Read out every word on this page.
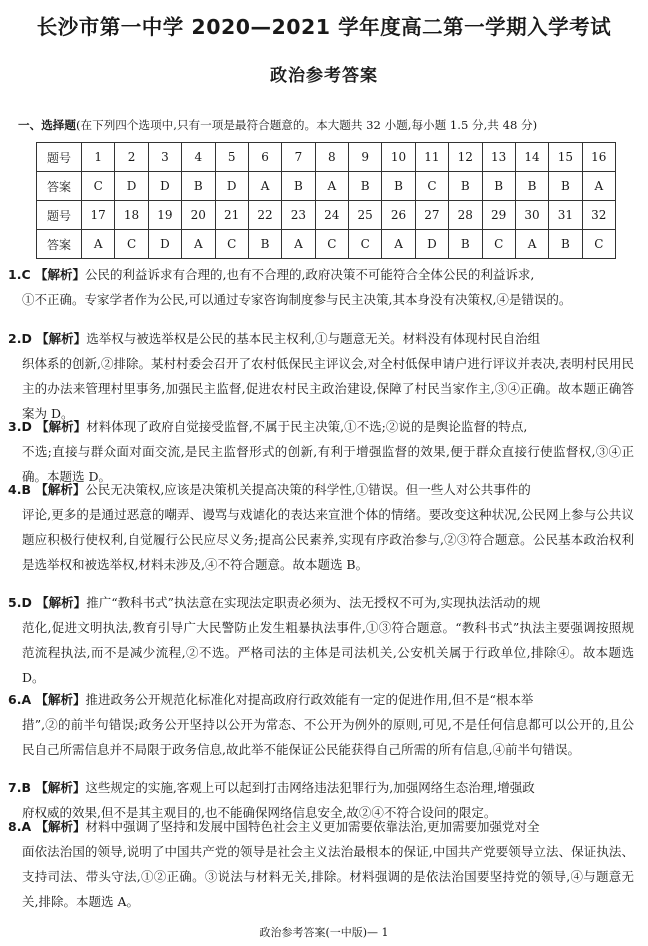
长沙市第一中学 2020—2021 学年度高二第一学期入学考试
政治参考答案
一、选择题(在下列四个选项中,只有一项是最符合题意的。本大题共 32 小题,每小题 1.5 分,共 48 分)
题号	1	2	3	4	5	6	7	8	9	10	11	12	13	14	15	16
答案	C	D	D	B	D	A	B	A	B	B	C	B	B	B	B	A
题号	17	18	19	20	21	22	23	24	25	26	27	28	29	30	31	32
答案	A	C	D	A	C	B	A	C	C	A	D	B	C	A	B	C
1.C 【解析】公民的利益诉求有合理的,也有不合理的,政府决策不可能符合全体公民的利益诉求,
①不正确。专家学者作为公民,可以通过专家咨询制度参与民主决策,其本身没有决策权,④是错误的。
2.D 【解析】选举权与被选举权是公民的基本民主权利,①与题意无关。材料没有体现村民自治组
织体系的创新,②排除。某村村委会召开了农村低保民主评议会,对全村低保申请户进行评议并表决,表明村民用民主的办法来管理村里事务,加强民主监督,促进农村民主政治建设,保障了村民当家作主,③④正确。故本题正确答案为 D。
3.D 【解析】材料体现了政府自觉接受监督,不属于民主决策,①不选;②说的是舆论监督的特点,
不选;直接与群众面对面交流,是民主监督形式的创新,有利于增强监督的效果,便于群众直接行使监督权,③④正确。本题选 D。
4.B 【解析】公民无决策权,应该是决策机关提高决策的科学性,①错误。但一些人对公共事件的
评论,更多的是通过恶意的嘲弄、谩骂与戏谑化的表达来宣泄个体的情绪。要改变这种状况,公民网上参与公共议题应积极行使权利,自觉履行公民应尽义务;提高公民素养,实现有序政治参与,②③符合题意。公民基本政治权利是选举权和被选举权,材料未涉及,④不符合题意。故本题选 B。
5.D 【解析】推广“教科书式”执法意在实现法定职责必须为、法无授权不可为,实现执法活动的规
范化,促进文明执法,教育引导广大民警防止发生粗暴执法事件,①③符合题意。“教科书式”执法主要强调按照规范流程执法,而不是减少流程,②不选。严格司法的主体是司法机关,公安机关属于行政单位,排除④。故本题选 D。
6.A 【解析】推进政务公开规范化标准化对提高政府行政效能有一定的促进作用,但不是“根本举
措”,②的前半句错误;政务公开坚持以公开为常态、不公开为例外的原则,可见,不是任何信息都可以公开的,且公民自己所需信息并不局限于政务信息,故此举不能保证公民能获得自己所需的所有信息,④前半句错误。
7.B 【解析】这些规定的实施,客观上可以起到打击网络违法犯罪行为,加强网络生态治理,增强政
府权威的效果,但不是其主观目的,也不能确保网络信息安全,故②④不符合设问的限定。
8.A 【解析】材料中强调了坚持和发展中国特色社会主义更加需要依靠法治,更加需要加强党对全
面依法治国的领导,说明了中国共产党的领导是社会主义法治最根本的保证,中国共产党要领导立法、保证执法、支持司法、带头守法,①②正确。③说法与材料无关,排除。材料强调的是依法治国要坚持党的领导,④与题意无关,排除。本题选 A。
政治参考答案(一中版)— 1
